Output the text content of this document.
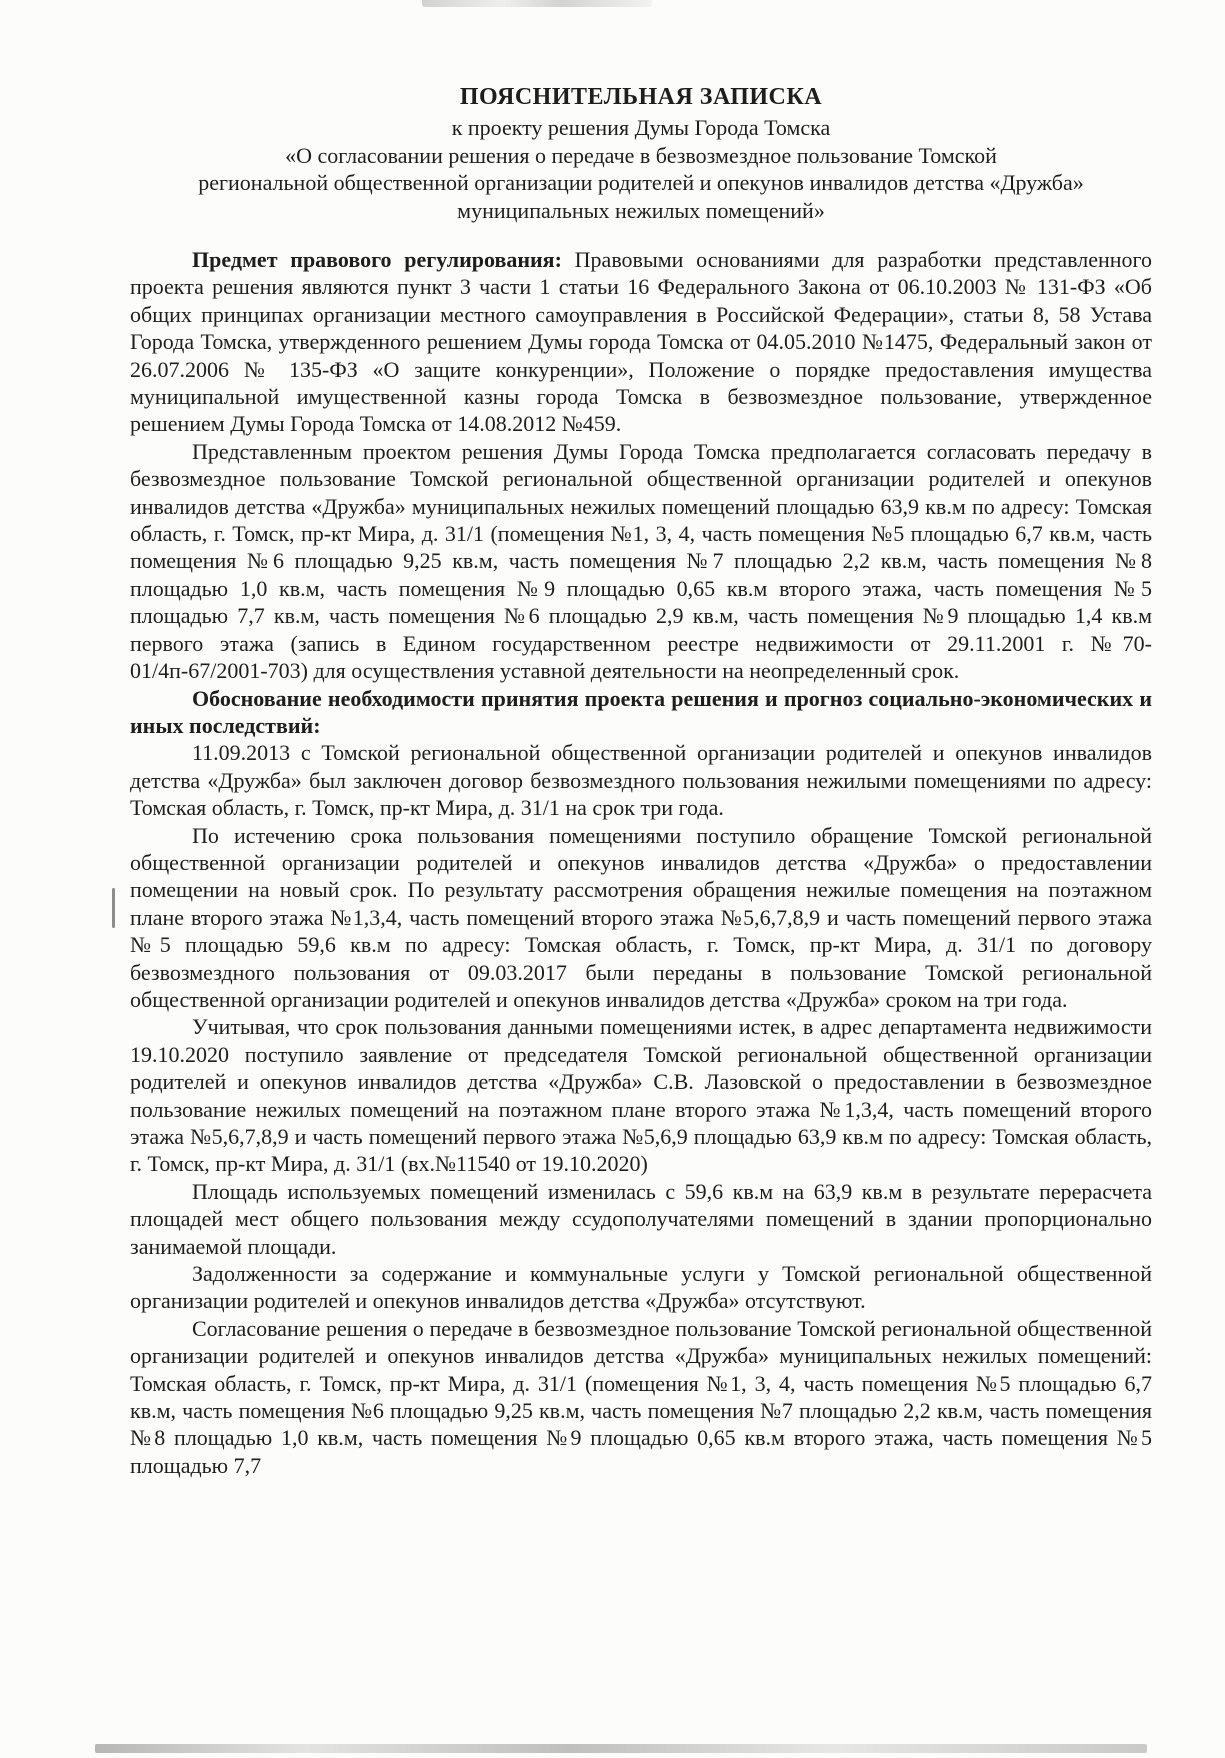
ПОЯСНИТЕЛЬНАЯ ЗАПИСКА
к проекту решения Думы Города Томска
«О согласовании решения о передаче в безвозмездное пользование Томской
региональной общественной организации родителей и опекунов инвалидов детства «Дружба»
муниципальных нежилых помещений»

Предмет правового регулирования: Правовыми основаниями для разработки представленного проекта решения являются пункт 3 части 1 статьи 16 Федерального Закона от 06.10.2003 № 131-ФЗ «Об общих принципах организации местного самоуправления в Российской Федерации», статьи 8, 58 Устава Города Томска, утвержденного решением Думы города Томска от 04.05.2010 №1475, Федеральный закон от 26.07.2006 № 135-ФЗ «О защите конкуренции», Положение о порядке предоставления имущества муниципальной имущественной казны города Томска в безвозмездное пользование, утвержденное решением Думы Города Томска от 14.08.2012 №459.

Представленным проектом решения Думы Города Томска предполагается согласовать передачу в безвозмездное пользование Томской региональной общественной организации родителей и опекунов инвалидов детства «Дружба» муниципальных нежилых помещений площадью 63,9 кв.м по адресу: Томская область, г. Томск, пр-кт Мира, д. 31/1 (помещения №1, 3, 4, часть помещения №5 площадью 6,7 кв.м, часть помещения №6 площадью 9,25 кв.м, часть помещения №7 площадью 2,2 кв.м, часть помещения №8 площадью 1,0 кв.м, часть помещения №9 площадью 0,65 кв.м второго этажа, часть помещения №5 площадью 7,7 кв.м, часть помещения №6 площадью 2,9 кв.м, часть помещения №9 площадью 1,4 кв.м первого этажа (запись в Едином государственном реестре недвижимости от 29.11.2001 г. №70-01/4п-67/2001-703) для осуществления уставной деятельности на неопределенный срок.

Обоснование необходимости принятия проекта решения и прогноз социально-экономических и иных последствий:

11.09.2013 с Томской региональной общественной организации родителей и опекунов инвалидов детства «Дружба» был заключен договор безвозмездного пользования нежилыми помещениями по адресу: Томская область, г. Томск, пр-кт Мира, д. 31/1 на срок три года.

По истечению срока пользования помещениями поступило обращение Томской региональной общественной организации родителей и опекунов инвалидов детства «Дружба» о предоставлении помещении на новый срок. По результату рассмотрения обращения нежилые помещения на поэтажном плане второго этажа №1,3,4, часть помещений второго этажа №5,6,7,8,9 и часть помещений первого этажа №5 площадью 59,6 кв.м по адресу: Томская область, г. Томск, пр-кт Мира, д. 31/1 по договору безвозмездного пользования от 09.03.2017 были переданы в пользование Томской региональной общественной организации родителей и опекунов инвалидов детства «Дружба» сроком на три года.

Учитывая, что срок пользования данными помещениями истек, в адрес департамента недвижимости 19.10.2020 поступило заявление от председателя Томской региональной общественной организации родителей и опекунов инвалидов детства «Дружба» С.В. Лазовской о предоставлении в безвозмездное пользование нежилых помещений на поэтажном плане второго этажа №1,3,4, часть помещений второго этажа №5,6,7,8,9 и часть помещений первого этажа №5,6,9 площадью 63,9 кв.м по адресу: Томская область, г. Томск, пр-кт Мира, д. 31/1 (вх.№11540 от 19.10.2020)

Площадь используемых помещений изменилась с 59,6 кв.м на 63,9 кв.м в результате перерасчета площадей мест общего пользования между ссудополучателями помещений в здании пропорционально занимаемой площади.

Задолженности за содержание и коммунальные услуги у Томской региональной общественной организации родителей и опекунов инвалидов детства «Дружба» отсутствуют.

Согласование решения о передаче в безвозмездное пользование Томской региональной общественной организации родителей и опекунов инвалидов детства «Дружба» муниципальных нежилых помещений: Томская область, г. Томск, пр-кт Мира, д. 31/1 (помещения №1, 3, 4, часть помещения №5 площадью 6,7 кв.м, часть помещения №6 площадью 9,25 кв.м, часть помещения №7 площадью 2,2 кв.м, часть помещения №8 площадью 1,0 кв.м, часть помещения №9 площадью 0,65 кв.м второго этажа, часть помещения №5 площадью 7,7
